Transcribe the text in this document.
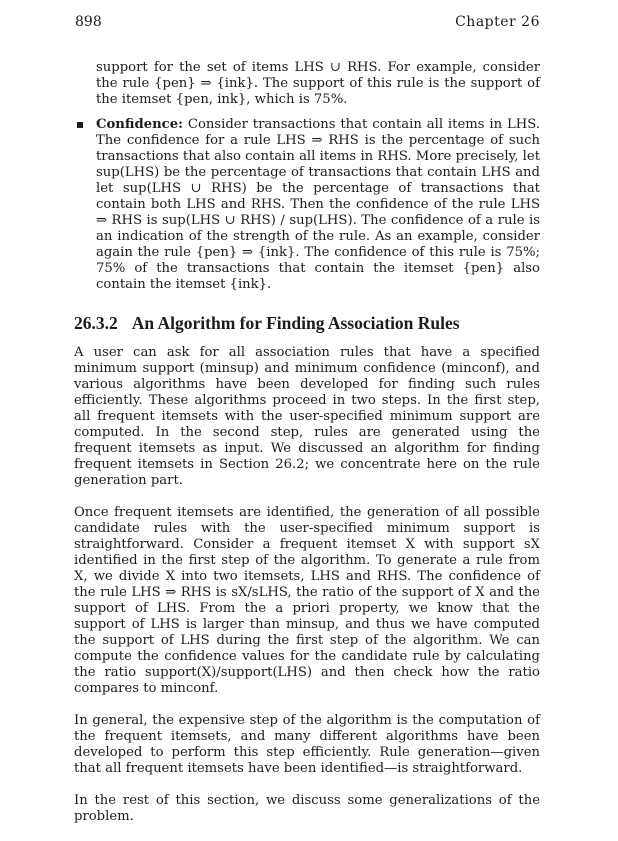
898	Chapter 26
support for the set of items LHS ∪ RHS. For example, consider the rule {pen} ⇒ {ink}. The support of this rule is the support of the itemset {pen, ink}, which is 75%.
Confidence: Consider transactions that contain all items in LHS. The confidence for a rule LHS ⇒ RHS is the percentage of such transactions that also contain all items in RHS. More precisely, let sup(LHS) be the percentage of transactions that contain LHS and let sup(LHS ∪ RHS) be the percentage of transactions that contain both LHS and RHS. Then the confidence of the rule LHS ⇒ RHS is sup(LHS ∪ RHS) / sup(LHS). The confidence of a rule is an indication of the strength of the rule. As an example, consider again the rule {pen} ⇒ {ink}. The confidence of this rule is 75%; 75% of the transactions that contain the itemset {pen} also contain the itemset {ink}.
26.3.2 An Algorithm for Finding Association Rules

A user can ask for all association rules that have a specified minimum support (minsup) and minimum confidence (minconf), and various algorithms have been developed for finding such rules efficiently. These algorithms proceed in two steps. In the first step, all frequent itemsets with the user-specified minimum support are computed. In the second step, rules are generated using the frequent itemsets as input. We discussed an algorithm for finding frequent itemsets in Section 26.2; we concentrate here on the rule generation part.

Once frequent itemsets are identified, the generation of all possible candidate rules with the user-specified minimum support is straightforward. Consider a frequent itemset X with support sX identified in the first step of the algorithm. To generate a rule from X, we divide X into two itemsets, LHS and RHS. The confidence of the rule LHS ⇒ RHS is sX/sLHS, the ratio of the support of X and the support of LHS. From the a priori property, we know that the support of LHS is larger than minsup, and thus we have computed the support of LHS during the first step of the algorithm. We can compute the confidence values for the candidate rule by calculating the ratio support(X)/support(LHS) and then check how the ratio compares to minconf.

In general, the expensive step of the algorithm is the computation of the frequent itemsets, and many different algorithms have been developed to perform this step efficiently. Rule generation—given that all frequent itemsets have been identified—is straightforward.

In the rest of this section, we discuss some generalizations of the problem.
